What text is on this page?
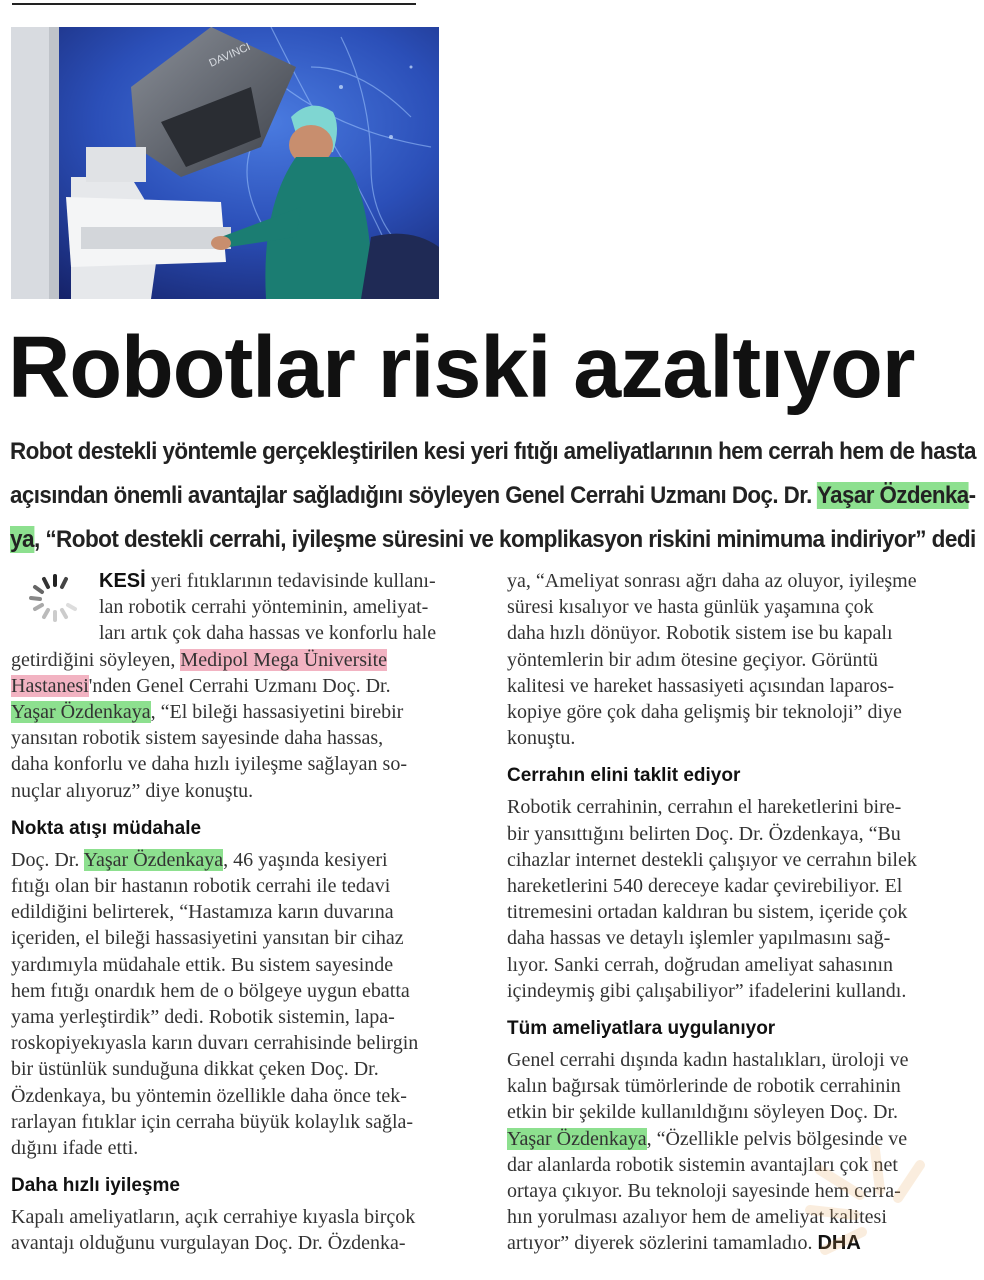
DAVINCI
Robotlar riski azaltıyor
Robot destekli yöntemle gerçekleştirilen kesi yeri fıtığı ameliyatlarının hem cerrah hem de hasta
açısından önemli avantajlar sağladığını söyleyen Genel Cerrahi Uzmanı Doç. Dr. Yaşar Özdenka-
ya, “Robot destekli cerrahi, iyileşme süresini ve komplikasyon riskini minimuma indiriyor” dedi

KESİ yeri fıtıklarının tedavisinde kullanı-
lan robotik cerrahi yönteminin, ameliyat-
ları artık çok daha hassas ve konforlu hale
getirdiğini söyleyen, Medipol Mega Üniversite
Hastanesi'nden Genel Cerrahi Uzmanı Doç. Dr.
Yaşar Özdenkaya, “El bileği hassasiyetini birebir
yansıtan robotik sistem sayesinde daha hassas,
daha konforlu ve daha hızlı iyileşme sağlayan so-
nuçlar alıyoruz” diye konuştu.

Nokta atışı müdahale

Doç. Dr. Yaşar Özdenkaya, 46 yaşında kesiyeri
fıtığı olan bir hastanın robotik cerrahi ile tedavi
edildiğini belirterek, “Hastamıza karın duvarına
içeriden, el bileği hassasiyetini yansıtan bir cihaz
yardımıyla müdahale ettik. Bu sistem sayesinde
hem fıtığı onardık hem de o bölgeye uygun ebatta
yama yerleştirdik” dedi. Robotik sistemin, lapa-
roskopiyekıyasla karın duvarı cerrahisinde belirgin
bir üstünlük sunduğuna dikkat çeken Doç. Dr.
Özdenkaya, bu yöntemin özellikle daha önce tek-
rarlayan fıtıklar için cerraha büyük kolaylık sağla-
dığını ifade etti.

Daha hızlı iyileşme

Kapalı ameliyatların, açık cerrahiye kıyasla birçok
avantajı olduğunu vurgulayan Doç. Dr. Özdenka-

ya, “Ameliyat sonrası ağrı daha az oluyor, iyileşme
süresi kısalıyor ve hasta günlük yaşamına çok
daha hızlı dönüyor. Robotik sistem ise bu kapalı
yöntemlerin bir adım ötesine geçiyor. Görüntü
kalitesi ve hareket hassasiyeti açısından laparos-
kopiye göre çok daha gelişmiş bir teknoloji” diye
konuştu.

Cerrahın elini taklit ediyor

Robotik cerrahinin, cerrahın el hareketlerini bire-
bir yansıttığını belirten Doç. Dr. Özdenkaya, “Bu
cihazlar internet destekli çalışıyor ve cerrahın bilek
hareketlerini 540 dereceye kadar çevirebiliyor. El
titremesini ortadan kaldıran bu sistem, içeride çok
daha hassas ve detaylı işlemler yapılmasını sağ-
lıyor. Sanki cerrah, doğrudan ameliyat sahasının
içindeymiş gibi çalışabiliyor” ifadelerini kullandı.

Tüm ameliyatlara uygulanıyor

Genel cerrahi dışında kadın hastalıkları, üroloji ve
kalın bağırsak tümörlerinde de robotik cerrahinin
etkin bir şekilde kullanıldığını söyleyen Doç. Dr.
Yaşar Özdenkaya, “Özellikle pelvis bölgesinde ve
dar alanlarda robotik sistemin avantajları çok net
ortaya çıkıyor. Bu teknoloji sayesinde hem cerra-
hın yorulması azalıyor hem de ameliyat kalitesi
artıyor” diyerek sözlerini tamamladıo. DHA
